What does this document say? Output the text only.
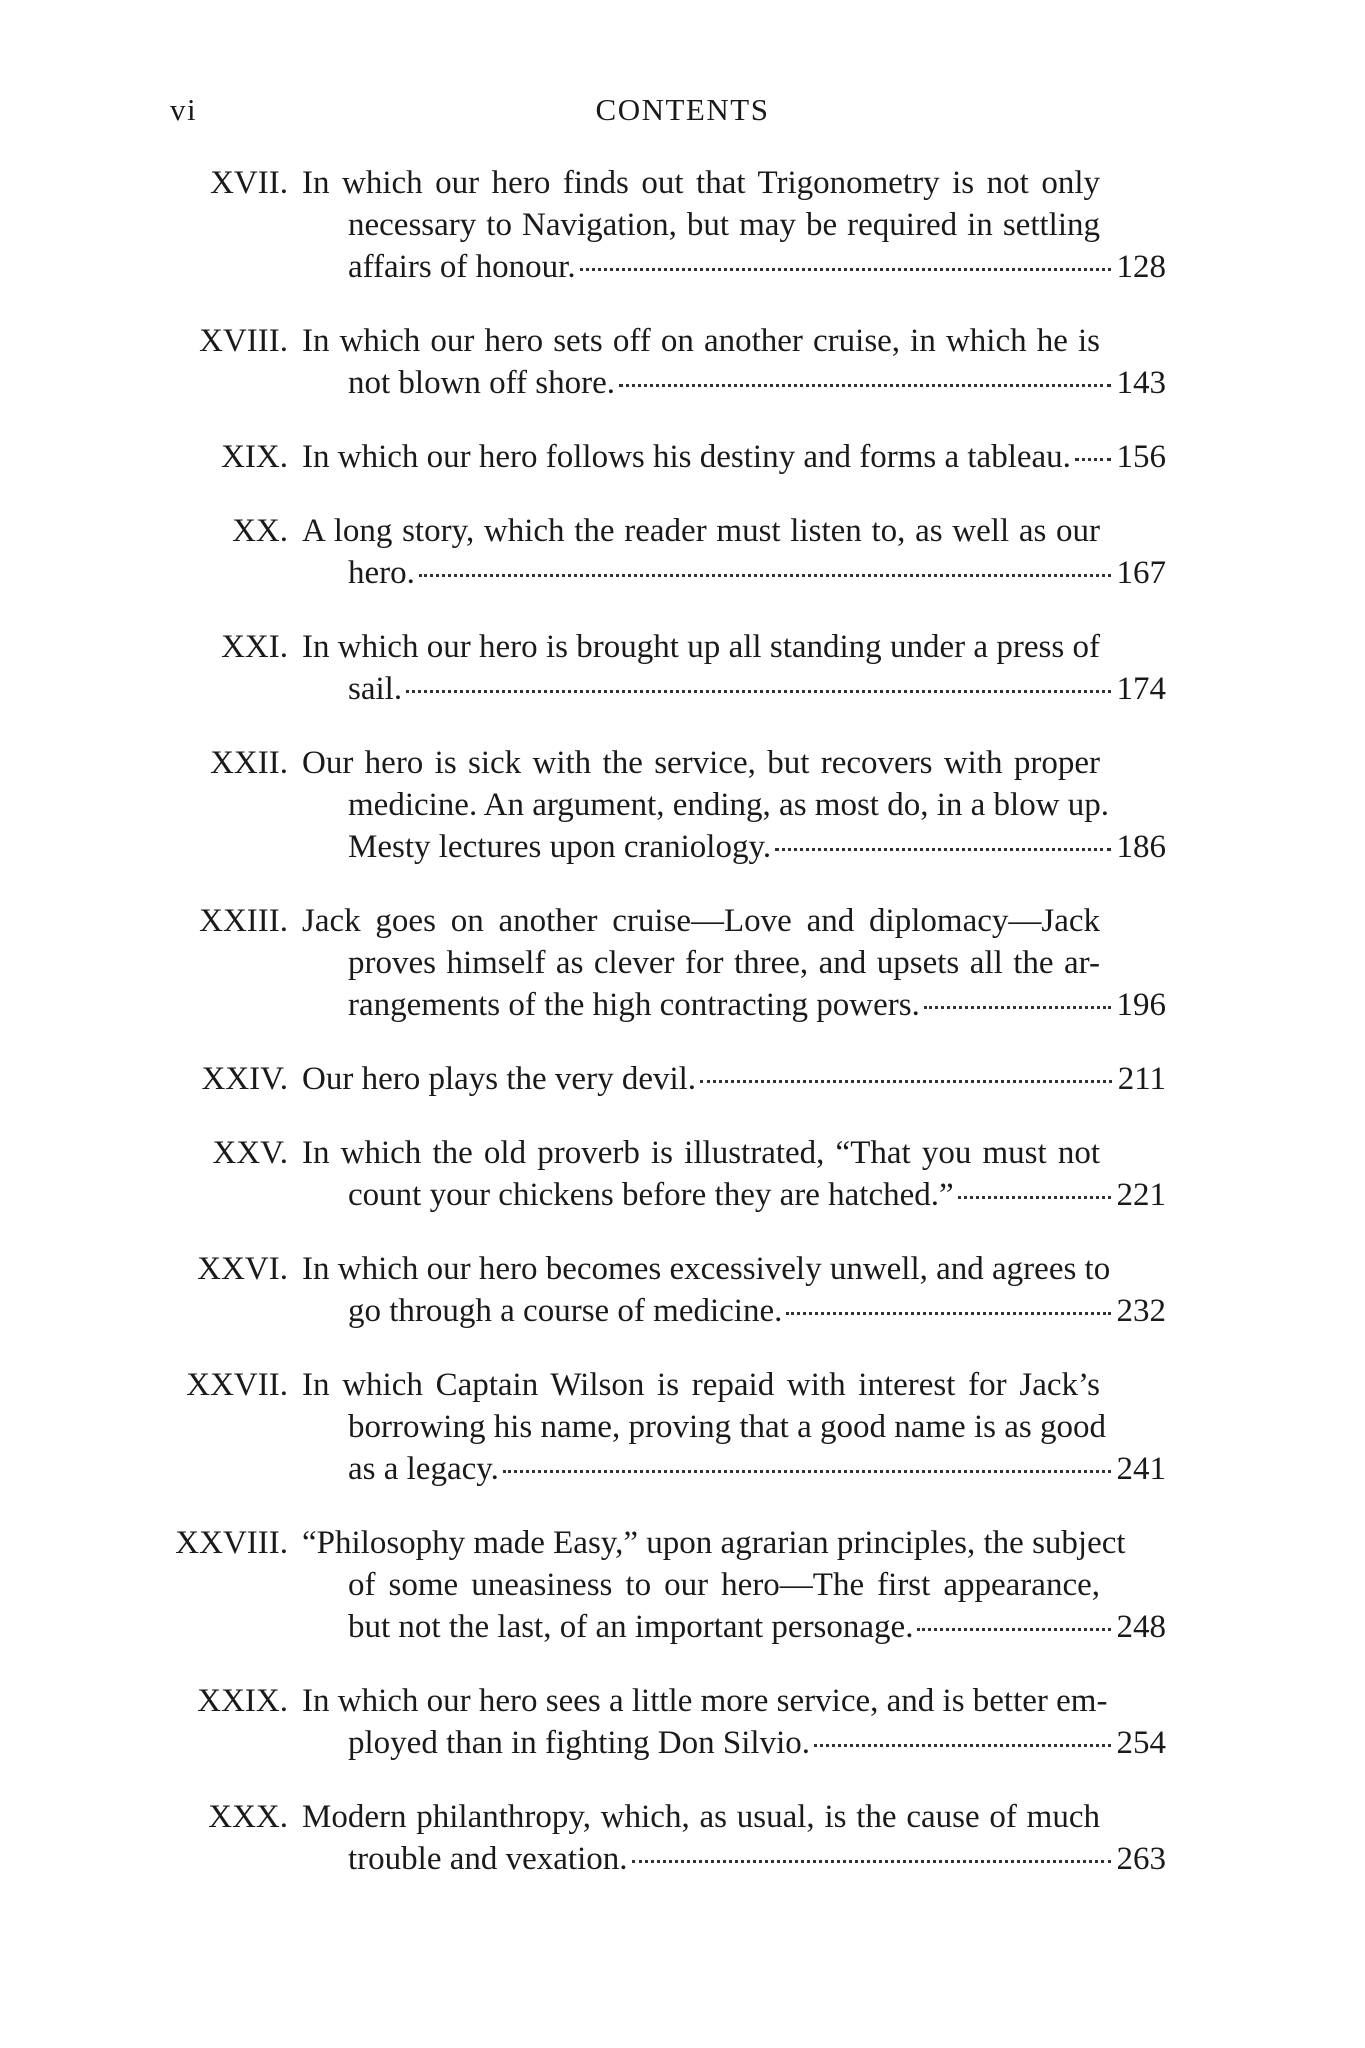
vi	CONTENTS
XVII. In which our hero finds out that Trigonometry is not only
necessary to Navigation, but may be required in settling
affairs of honour.	128
XVIII. In which our hero sets off on another cruise, in which he is
not blown off shore.	143
XIX. In which our hero follows his destiny and forms a tableau. 156
XX. A long story, which the reader must listen to, as well as our
hero.	167
XXI. In which our hero is brought up all standing under a press of
sail.	174
XXII. Our hero is sick with the service, but recovers with proper
medicine. An argument, ending, as most do, in a blow up.
Mesty lectures upon craniology.	186
XXIII. Jack goes on another cruise—Love and diplomacy—Jack
proves himself as clever for three, and upsets all the ar-
rangements of the high contracting powers.	196
XXIV. Our hero plays the very devil.	211
XXV. In which the old proverb is illustrated, “That you must not
count your chickens before they are hatched.”	221
XXVI. In which our hero becomes excessively unwell, and agrees to
go through a course of medicine.	232
XXVII. In which Captain Wilson is repaid with interest for Jack’s
borrowing his name, proving that a good name is as good
as a legacy.	241
XXVIII. “Philosophy made Easy,” upon agrarian principles, the subject
of some uneasiness to our hero—The first appearance,
but not the last, of an important personage.	248
XXIX. In which our hero sees a little more service, and is better em-
ployed than in fighting Don Silvio.	254
XXX. Modern philanthropy, which, as usual, is the cause of much
trouble and vexation.	263
